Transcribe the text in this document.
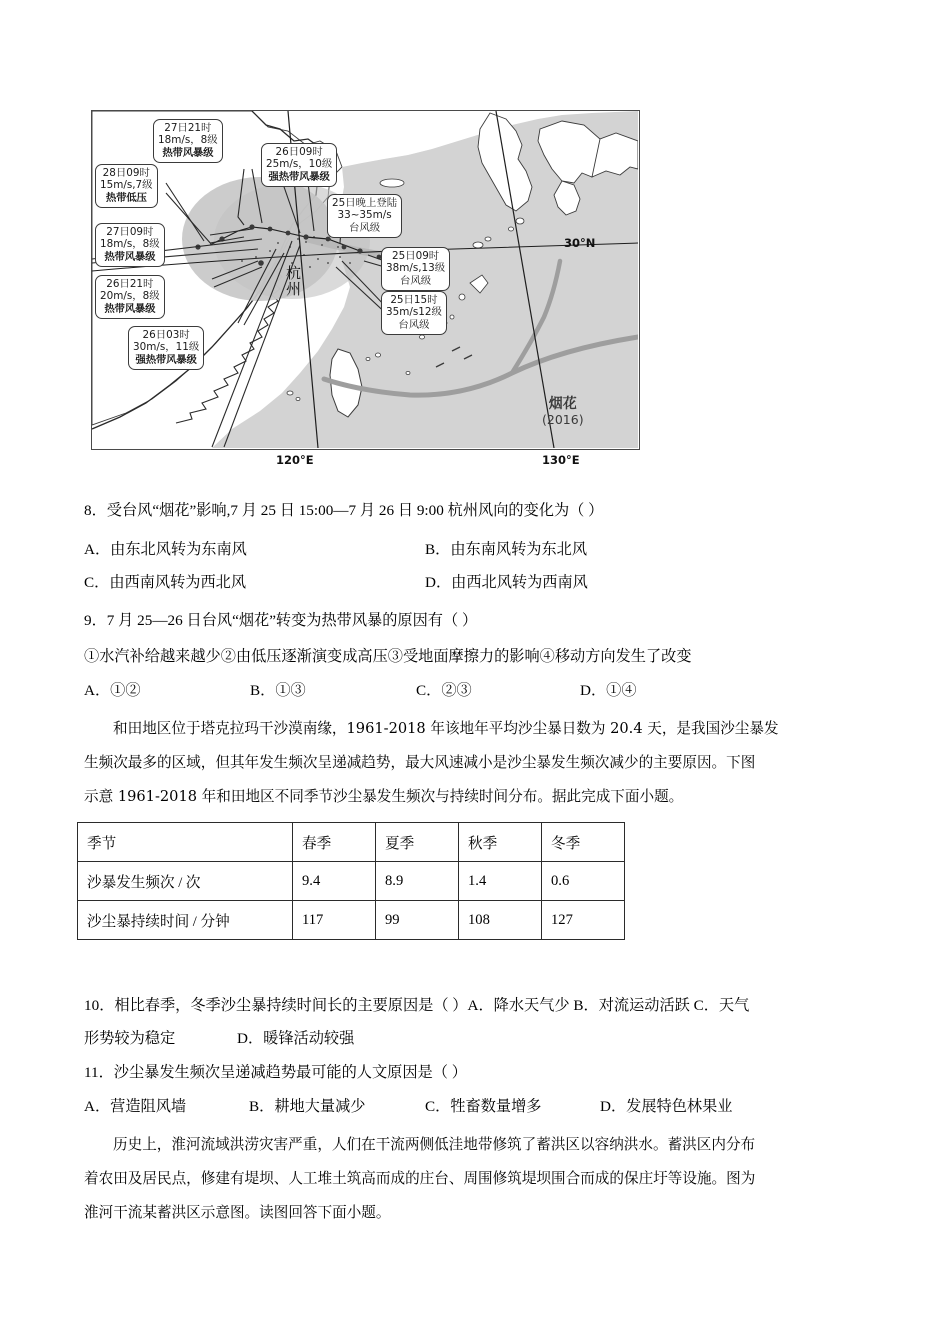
27日21时
18m/s，8级
热带风暴级	26日09时
25m/s，10级
强热带风暴级
28日09时
15m/s,7级
热带低压	25日晚上登陆
33~35m/s
台风级
27日09时
18m/s，8级
热带风暴级	25日09时
38m/s,13级
台风级
26日21时
20m/s，8级
热带风暴级
25日15时
35m/s12级
台风级
26日03时
30m/s，11级
强热带风暴级
杭州
30°N
烟花
(2016)
120°E	130°E
8．受台风“烟花”影响,7 月 25 日 15:00—7 月 26 日 9:00 杭州风向的变化为（ ）
A．由东北风转为东南风	B．由东南风转为东北风
C．由西南风转为西北风	D．由西北风转为西南风
9．7 月 25—26 日台风“烟花”转变为热带风暴的原因有（ ）
①水汽补给越来越少②由低压逐渐演变成高压③受地面摩擦力的影响④移动方向发生了改变
A．①②	B．①③	C．②③	D．①④
和田地区位于塔克拉玛干沙漠南缘，1961-2018 年该地年平均沙尘暴日数为 20.4 天，是我国沙尘暴发
生频次最多的区域，但其年发生频次呈递减趋势，最大风速减小是沙尘暴发生频次减少的主要原因。下图
示意 1961-2018 年和田地区不同季节沙尘暴发生频次与持续时间分布。据此完成下面小题。
季节	春季	夏季	秋季	冬季
沙暴发生频次 / 次	9.4	8.9	1.4	0.6
沙尘暴持续时间 / 分钟	117	99	108	127
10．相比春季，冬季沙尘暴持续时间长的主要原因是（ ）A．降水天气少 B．对流运动活跃 C．天气
形势较为稳定	D．暖锋活动较强
11．沙尘暴发生频次呈递减趋势最可能的人文原因是（ ）
A．营造阻风墙	B．耕地大量减少	C．牲畜数量增多	D．发展特色林果业
历史上，淮河流域洪涝灾害严重，人们在干流两侧低洼地带修筑了蓄洪区以容纳洪水。蓄洪区内分布
着农田及居民点，修建有堤坝、人工堆土筑高而成的庄台、周围修筑堤坝围合而成的保庄圩等设施。图为
淮河干流某蓄洪区示意图。读图回答下面小题。
